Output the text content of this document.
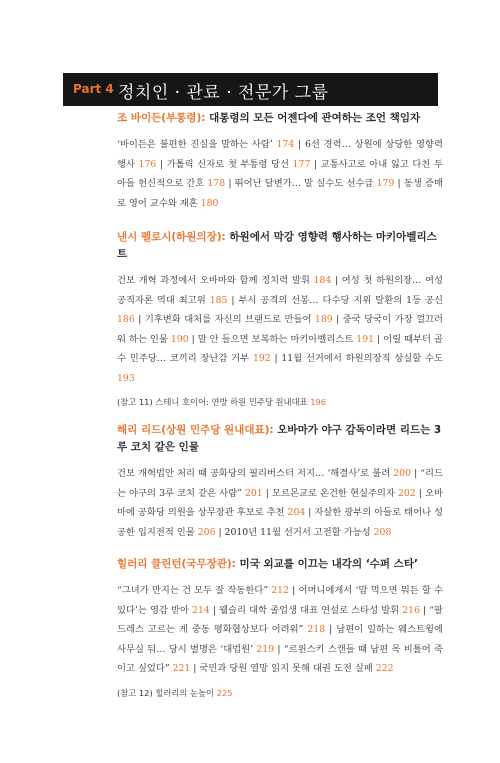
Part 4 정치인 · 관료 · 전문가 그룹

조 바이든(부통령): 대통령의 모든 어젠다에 관여하는 조언 책임자

‘바이든은 불편한 진실을 말하는 사람’ 174 | 6선 경력… 상원에 상당한 영향력 행사 176 | 가톨릭 신자로 첫 부통령 당선 177 | 교통사고로 아내 잃고 다친 두 아들 헌신적으로 간호 178 | 뛰어난 달변가… 말 실수도 선수급 179 | 동생 증매로 영어 교수와 재혼 180

낸시 펠로시(하원의장): 하원에서 막강 영향력 행사하는 마키아벨리스트

건보 개혁 과정에서 오바마와 함께 정치력 발휘 184 | 여성 첫 하원의장… 여성 공직자론 역대 최고위 185 | 부시 공격의 선봉… 다수당 지위 탈환의 1등 공신 186 | 기후변화 대처를 자신의 브랜드로 만들어 189 | 중국 당국이 가장 껄끄러워 하는 인물 190 | 말 안 들으면 보복하는 마키아벨리스트 191 | 어릴 때부터 골수 민주당… 코끼리 장난감 거부 192 | 11월 선거에서 하원의장직 상실할 수도 193

(참고 11) 스테니 호이어: 연방 하원 민주당 원내대표 196

해리 리드(상원 민주당 원내대표): 오바마가 야구 감독이라면 리드는 3루 코치 같은 인물

건보 개혁법안 처리 때 공화당의 필리버스터 저지… ‘해결사’로 불려 200 | “리드는 야구의 3루 코치 같은 사람” 201 | 모르몬교로 온건한 현실주의자 202 | 오바마에 공화당 의원을 상무장관 후보로 추천 204 | 자살한 광부의 아들로 태어나 성공한 입지전적 인물 206 | 2010년 11월 선거서 고전할 가능성 208

힐러리 클린턴(국무장관): 미국 외교를 이끄는 내각의 ‘수퍼 스타’

“그녀가 만지는 건 모두 잘 작동한다” 212 | 어머니에게서 ‘맘 먹으면 뭐든 할 수 있다’는 영감 받아 214 | 웰슬리 대학 졸업생 대표 연설로 스타성 발휘 216 | “팔 드레스 고르는 게 중동 평화협상보다 어려워” 218 | 남편이 일하는 웨스트윙에 사무실 둬… 당시 별명은 ‘대법원’ 219 | “르윈스키 스캔들 때 남편 목 비틀어 죽이고 싶었다” 221 | 국민과 당원 열망 읽지 못해 대권 도전 실패 222

(참고 12) 힐러리의 눈높이 225
